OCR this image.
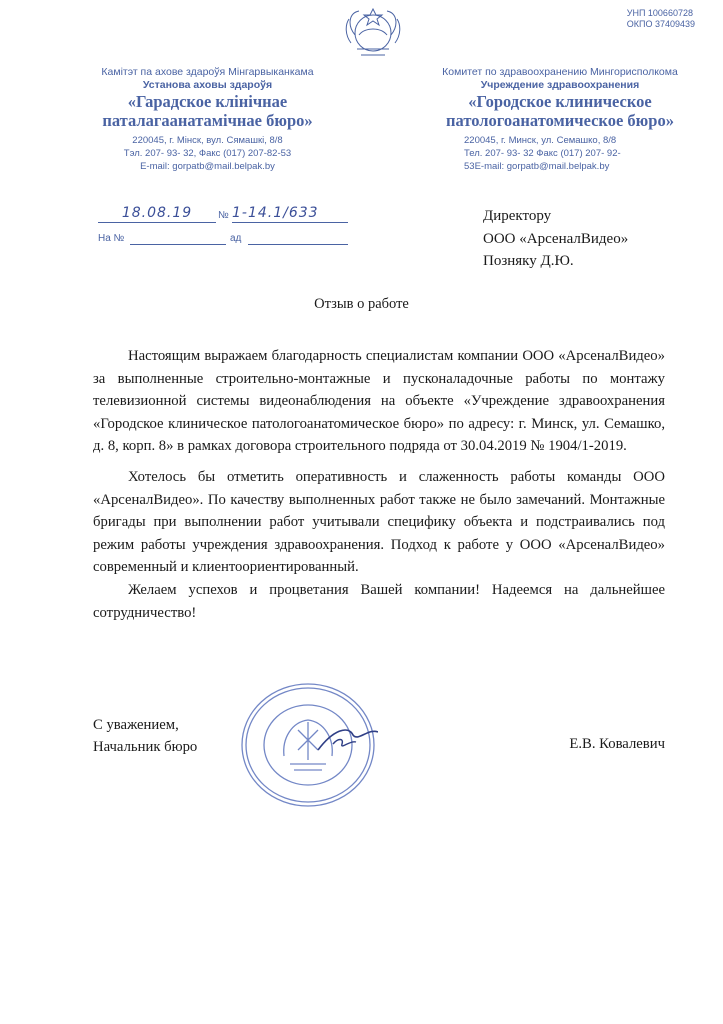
УНП 100660728
ОКПО 37409439
Камітэт па ахове здароўя Мінгарвыканкама
Установа аховы здароўя
«Гарадское клінічнае
паталагаанатамічнае бюро»
220045, г. Мінск, вул. Сямашкі, 8/8
Тэл. 207- 93- 32, Факс (017) 207-82-53
E-mail: gorpatb@mail.belpak.by
Комитет по здравоохранению Мингорисполкома
Учреждение здравоохранения
«Городское клиническое
патологоанатомическое бюро»
220045, г. Минск, ул. Семашко, 8/8
Тел. 207- 93- 32 Факс (017) 207- 92-
53E-mail: gorpatb@mail.belpak.by
18.08.19	№ 1-14.1/633
На №	ад
Директору
ООО «АрсеналВидео»
Позняку Д.Ю.
Отзыв о работе

Настоящим выражаем благодарность специалистам компании ООО «АрсеналВидео» за выполненные строительно-монтажные и пусконаладочные работы по монтажу телевизионной системы видеонаблюдения на объекте «Учреждение здравоохранения «Городское клиническое патологоанатомическое бюро» по адресу: г. Минск, ул. Семашко, д. 8, корп. 8» в рамках договора строительного подряда от 30.04.2019 № 1904/1-2019.

Хотелось бы отметить оперативность и слаженность работы команды ООО «АрсеналВидео». По качеству выполненных работ также не было замечаний. Монтажные бригады при выполнении работ учитывали специфику объекта и подстраивались под режим работы учреждения здравоохранения. Подход к работе у ООО «АрсеналВидео» современный и клиентоориентированный.

Желаем успехов и процветания Вашей компании! Надеемся на дальнейшее сотрудничество!

С уважением,
Начальник бюро	Е.В. Ковалевич
